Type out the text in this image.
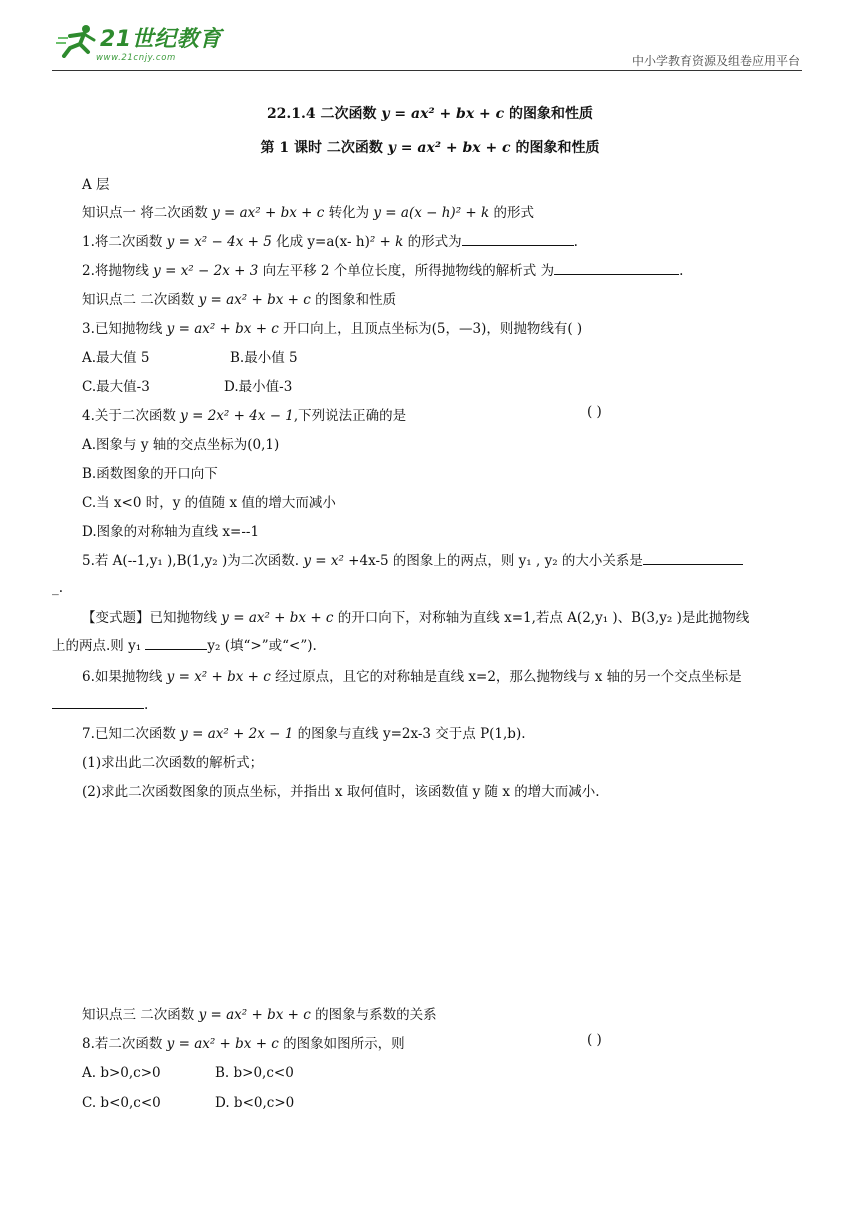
21世纪教育
www.21cnjy.com	中小学教育资源及组卷应用平台
22.1.4 二次函数 y = ax² + bx + c 的图象和性质
第 1 课时 二次函数 y = ax² + bx + c 的图象和性质
A 层
知识点一 将二次函数 y = ax² + bx + c 转化为 y = a(x − h)² + k 的形式
1.将二次函数 y = x² − 4x + 5 化成 y=a(x- h)² + k 的形式为	.
2.将抛物线 y = x² − 2x + 3 向左平移 2 个单位长度，所得抛物线的解析式 为	.
知识点二 二次函数 y = ax² + bx + c 的图象和性质
3.已知抛物线 y = ax² + bx + c 开口向上，且顶点坐标为(5，—3)，则抛物线有( )
A.最大值 5	B.最小值 5
C.最大值-3	D.最小值-3
4.关于二次函数 y = 2x² + 4x − 1,下列说法正确的是	( )
A.图象与 y 轴的交点坐标为(0,1)
B.函数图象的开口向下
C.当 x<0 时，y 的值随 x 值的增大而减小
D.图象的对称轴为直线 x=--1
5.若 A(--1,y₁ ),B(1,y₂ )为二次函数. y = x² +4x-5 的图象上的两点，则 y₁ , y₂ 的大小关系是
_.
【变式题】已知抛物线 y = ax² + bx + c 的开口向下，对称轴为直线 x=1,若点 A(2,y₁ )、B(3,y₂ )是此抛物线
上的两点.则 y₁	y₂ (填“>”或“<”).
6.如果抛物线 y = x² + bx + c 经过原点，且它的对称轴是直线 x=2，那么抛物线与 x 轴的另一个交点坐标是
.
7.已知二次函数 y = ax² + 2x − 1 的图象与直线 y=2x-3 交于点 P(1,b).
(1)求出此二次函数的解析式；
(2)求此二次函数图象的顶点坐标，并指出 x 取何值时，该函数值 y 随 x 的增大而减小.
知识点三 二次函数 y = ax² + bx + c 的图象与系数的关系
8.若二次函数 y = ax² + bx + c 的图象如图所示，则	( )
A. b>0,c>0	B. b>0,c<0
C. b<0,c<0	D. b<0,c>0
